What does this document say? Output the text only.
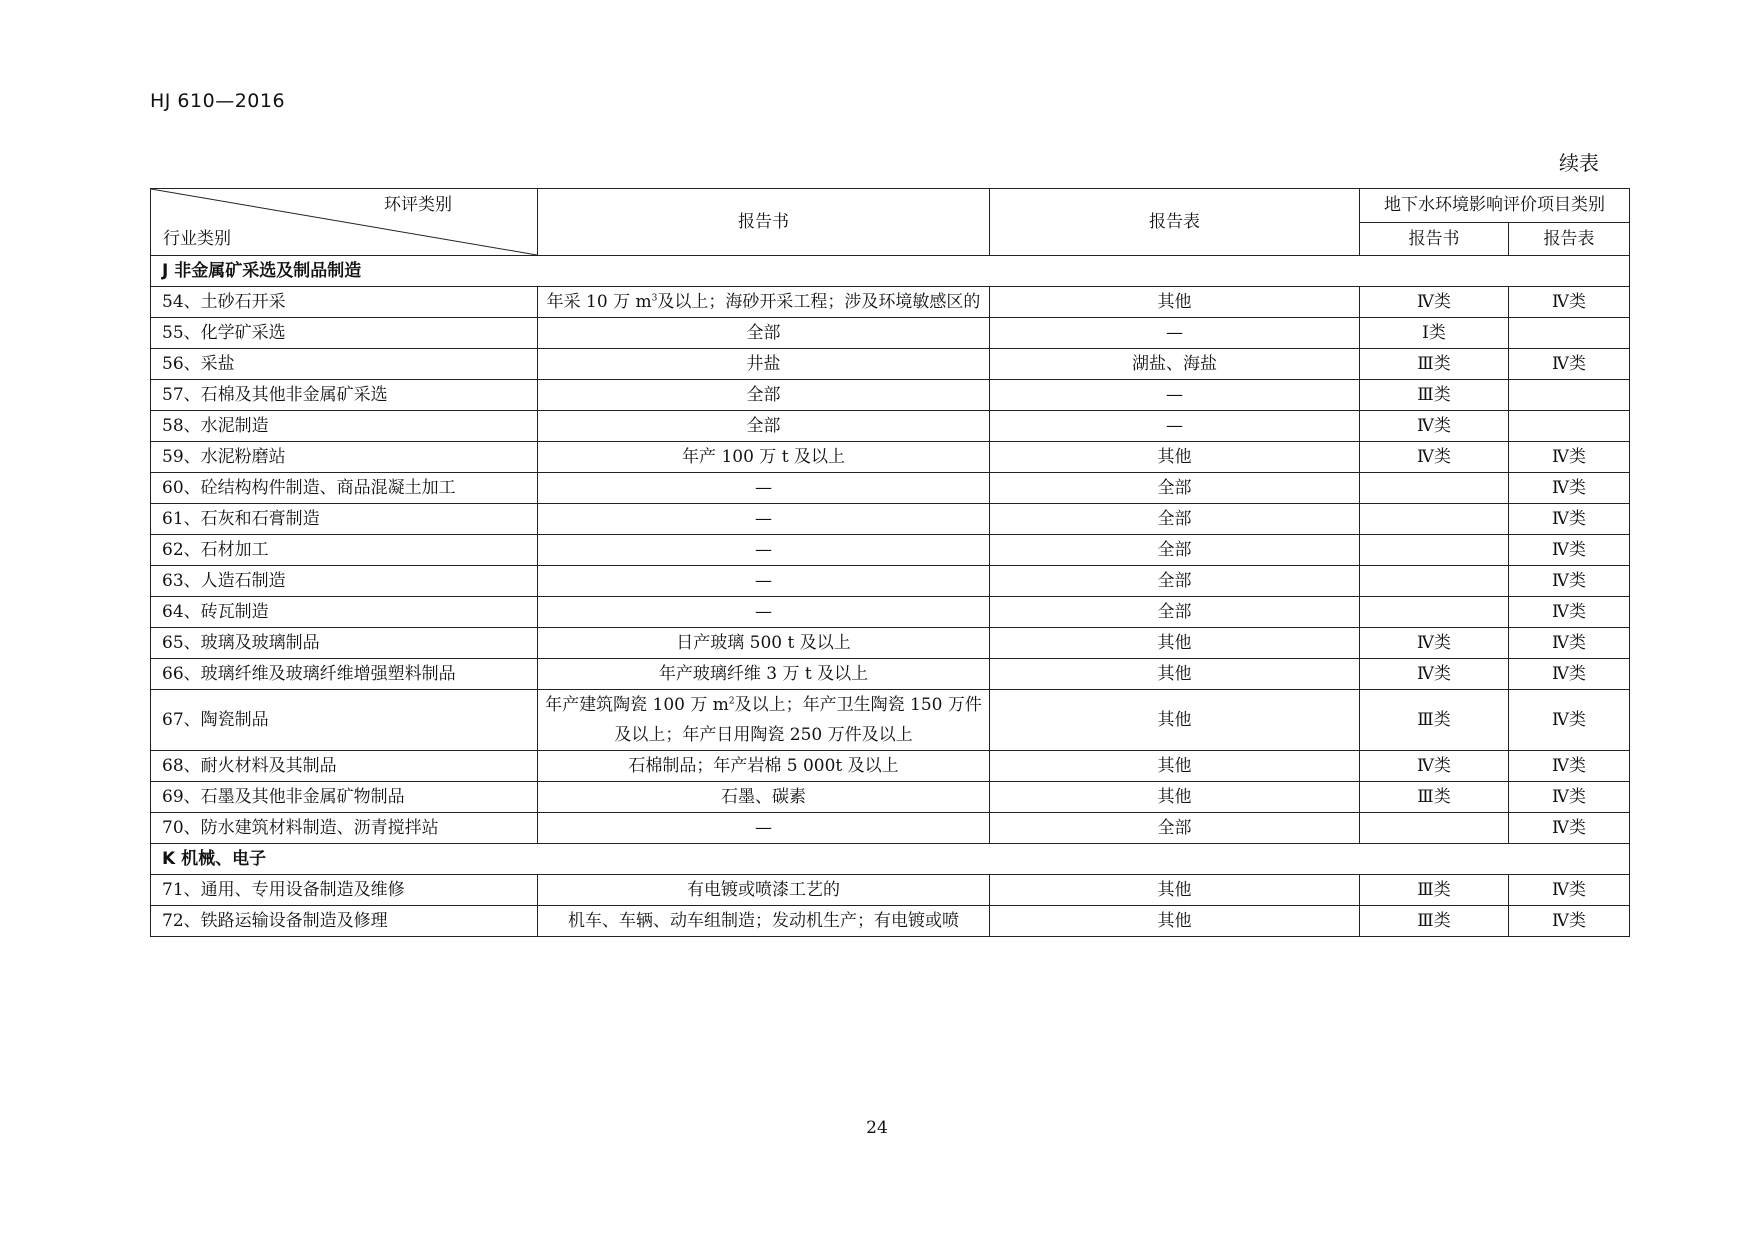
HJ 610—2016
续表
环评类别
行业类别	报告书	报告表	地下水环境影响评价项目类别	
			报告书	报告表
J 非金属矿采选及制品制造				
54、土砂石开采	年采 10 万 $m^3$及以上；海砂开采工程；涉及环境敏感区的	其他	Ⅳ类	Ⅳ类
55、化学矿采选	全部	—	Ⅰ类	
56、采盐	井盐	湖盐、海盐	Ⅲ类	Ⅳ类
57、石棉及其他非金属矿采选	全部	—	Ⅲ类	
58、水泥制造	全部	—	Ⅳ类	
59、水泥粉磨站	年产 100 万 t 及以上	其他	Ⅳ类	Ⅳ类
60、砼结构构件制造、商品混凝土加工	—	全部		Ⅳ类
61、石灰和石膏制造	—	全部		Ⅳ类
62、石材加工	—	全部		Ⅳ类
63、人造石制造	—	全部		Ⅳ类
64、砖瓦制造	—	全部		Ⅳ类
65、玻璃及玻璃制品	日产玻璃 500 t 及以上	其他	Ⅳ类	Ⅳ类
66、玻璃纤维及玻璃纤维增强塑料制品	年产玻璃纤维 3 万 t 及以上	其他	Ⅳ类	Ⅳ类
67、陶瓷制品	年产建筑陶瓷 100 万 $m^2$及以上；年产卫生陶瓷 150 万件及以上；年产日用陶瓷 250 万件及以上	其他	Ⅲ类	Ⅳ类
68、耐火材料及其制品	石棉制品；年产岩棉 5 000t 及以上	其他	Ⅳ类	Ⅳ类
69、石墨及其他非金属矿物制品	石墨、碳素	其他	Ⅲ类	Ⅳ类
70、防水建筑材料制造、沥青搅拌站	—	全部		Ⅳ类
K 机械、电子				
71、通用、专用设备制造及维修	有电镀或喷漆工艺的	其他	Ⅲ类	Ⅳ类
72、铁路运输设备制造及修理	机车、车辆、动车组制造；发动机生产；有电镀或喷	其他	Ⅲ类	Ⅳ类
24
